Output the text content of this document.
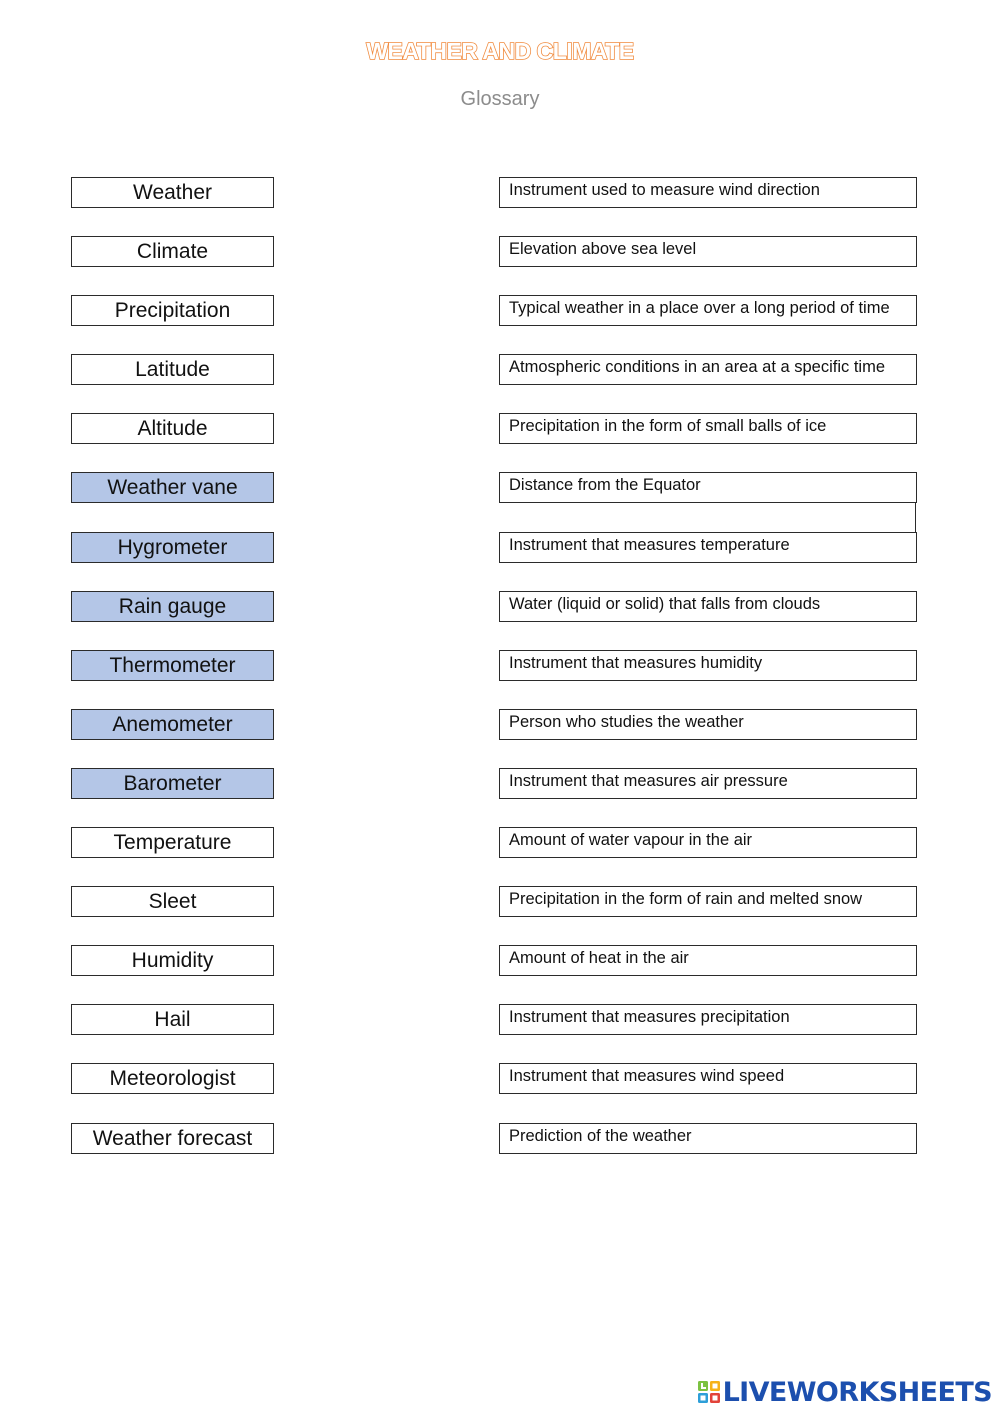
WEATHER AND CLIMATE
Glossary
Weather
Climate
Precipitation
Latitude
Altitude
Weather vane
Hygrometer
Rain gauge
Thermometer
Anemometer
Barometer
Temperature
Sleet
Humidity
Hail
Meteorologist
Weather forecast
Instrument used to measure wind direction
Elevation above sea level
Typical weather in a place over a long period of time
Atmospheric conditions in an area at a specific time
Precipitation in the form of small balls of ice
Distance from the Equator
Instrument that measures temperature
Water (liquid or solid) that falls from clouds
Instrument that measures humidity
Person who studies the weather
Instrument that measures air pressure
Amount of water vapour in the air
Precipitation in the form of rain and melted snow
Amount of heat in the air
Instrument that measures precipitation
Instrument that measures wind speed
Prediction of the weather
LIVEWORKSHEETS
